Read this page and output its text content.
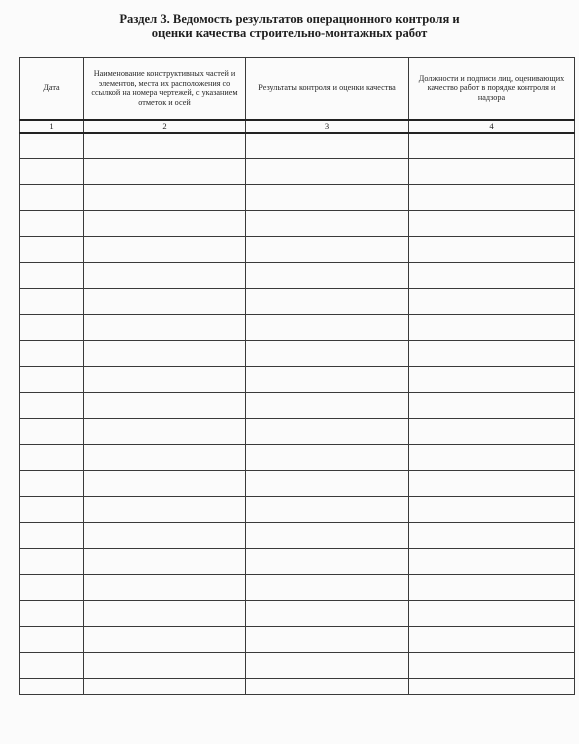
Раздел 3. Ведомость результатов операционного контроля и
оценки качества строительно-монтажных работ
Дата	Наименование конструктивных частей и элементов, места их расположения со ссылкой на номера чертежей, с указанием отметок и осей	Результаты контроля и оценки качества	Должности и подписи лиц, оценивающих качество работ в порядке контроля и надзора
1	2	3	4
